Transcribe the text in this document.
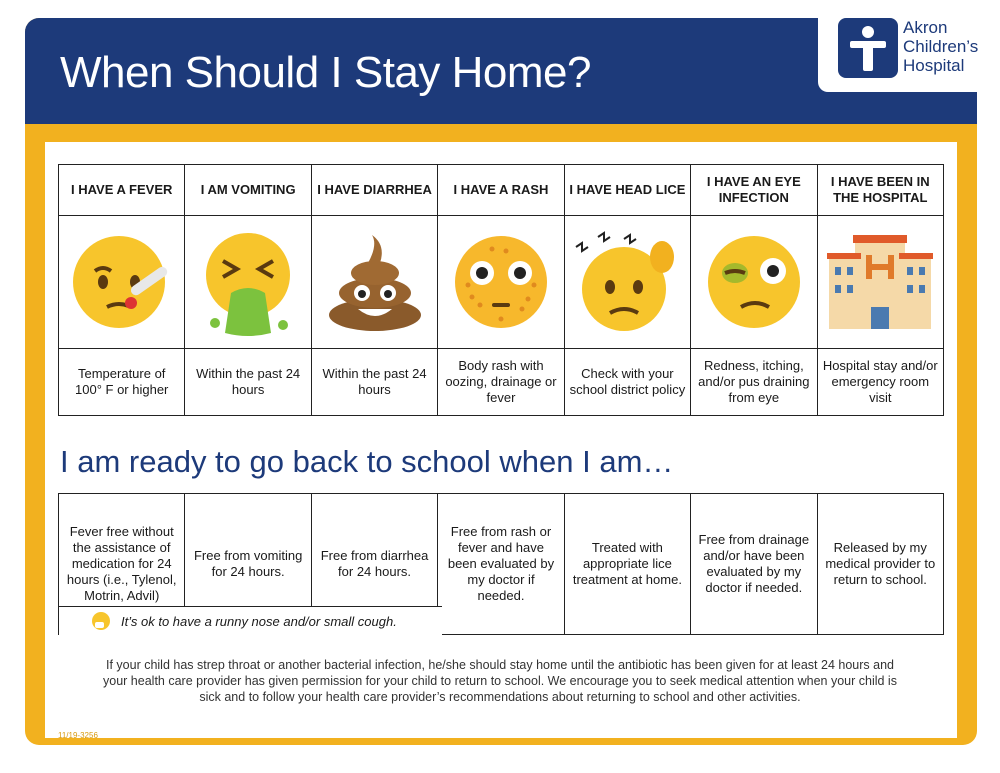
When Should I Stay Home?
Akron
Children’s
Hospital
I HAVE A FEVER	I AM VOMITING	I HAVE DIARRHEA	I HAVE A RASH	I HAVE HEAD LICE	I HAVE AN EYE INFECTION	I HAVE BEEN IN THE HOSPITAL

Temperature of 100° F or higher	Within the past 24 hours	Within the past 24 hours	Body rash with oozing, drainage or fever	Check with your school district policy	Redness, itching, and/or pus draining from eye	Hospital stay and/or emergency room visit
I am ready to go back to school when I am…
Fever free without the assistance of medication for 24 hours (i.e., Tylenol, Motrin, Advil)	Free from vomiting for 24 hours.	Free from diarrhea for 24 hours.	Free from rash or fever and have been evaluated by my doctor if needed.	Treated with appropriate lice treatment at home.	Free from drainage and/or have been evaluated by my doctor if needed.	Released by my medical provider to return to school.
It’s ok to have a runny nose and/or small cough.
If your child has strep throat or another bacterial infection, he/she should stay home until the antibiotic has been given for at least 24 hours and your health care provider has given permission for your child to return to school. We encourage you to seek medical attention when your child is sick and to follow your health care provider’s recommendations about returning to school and other activities.
11/19-3256
